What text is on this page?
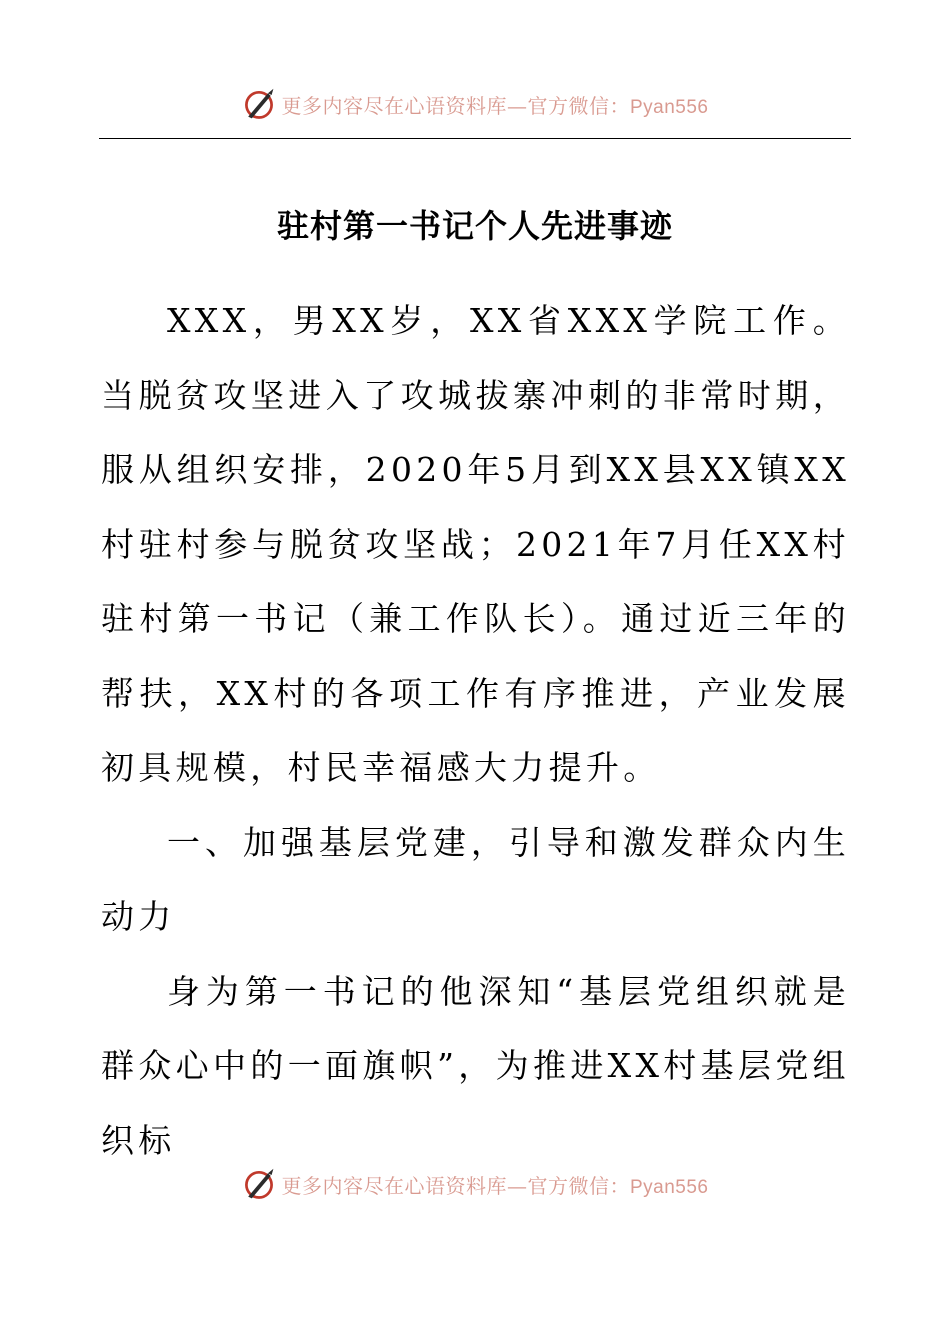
更多内容尽在心语资料库—官方微信：Pyan556
驻村第一书记个人先进事迹

XXX，男XX岁，XX省XXX学院工作。当脱贫攻坚进入了攻城拔寨冲刺的非常时期，服从组织安排，2020年5月到XX县XX镇XX村驻村参与脱贫攻坚战；2021年7月任XX村驻村第一书记（兼工作队长）。通过近三年的帮扶，XX村的各项工作有序推进，产业发展初具规模，村民幸福感大力提升。

一、加强基层党建，引导和激发群众内生动力

身为第一书记的他深知“基层党组织就是群众心中的一面旗帜”，为推进XX村基层党组织标

更多内容尽在心语资料库—官方微信：Pyan556
